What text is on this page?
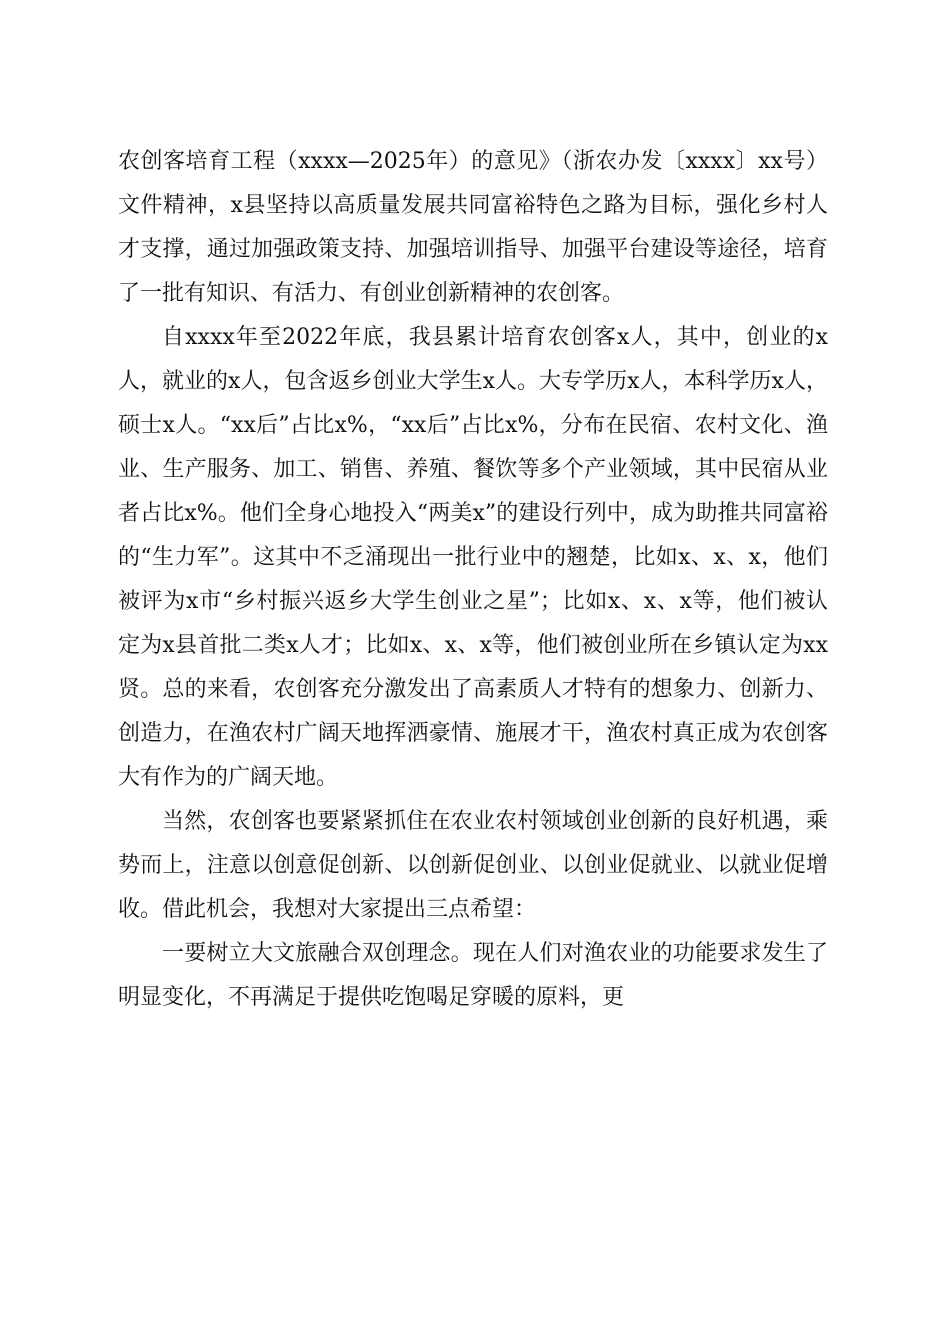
农创客培育工程（xxxx—2025年）的意见》（浙农办发〔xxxx〕xx号）文件精神，x县坚持以高质量发展共同富裕特色之路为目标，强化乡村人才支撑，通过加强政策支持、加强培训指导、加强平台建设等途径，培育了一批有知识、有活力、有创业创新精神的农创客。

自xxxx年至2022年底，我县累计培育农创客x人，其中，创业的x人，就业的x人，包含返乡创业大学生x人。大专学历x人，本科学历x人，硕士x人。“xx后”占比x%，“xx后”占比x%，分布在民宿、农村文化、渔业、生产服务、加工、销售、养殖、餐饮等多个产业领域，其中民宿从业者占比x%。他们全身心地投入“两美x”的建设行列中，成为助推共同富裕的“生力军”。这其中不乏涌现出一批行业中的翘楚，比如x、x、x，他们被评为x市“乡村振兴返乡大学生创业之星”；比如x、x、x等，他们被认定为x县首批二类x人才；比如x、x、x等，他们被创业所在乡镇认定为xx贤。总的来看，农创客充分激发出了高素质人才特有的想象力、创新力、创造力，在渔农村广阔天地挥洒豪情、施展才干，渔农村真正成为农创客大有作为的广阔天地。

当然，农创客也要紧紧抓住在农业农村领域创业创新的良好机遇，乘势而上，注意以创意促创新、以创新促创业、以创业促就业、以就业促增收。借此机会，我想对大家提出三点希望：

一要树立大文旅融合双创理念。现在人们对渔农业的功能要求发生了明显变化，不再满足于提供吃饱喝足穿暖的原料，更
